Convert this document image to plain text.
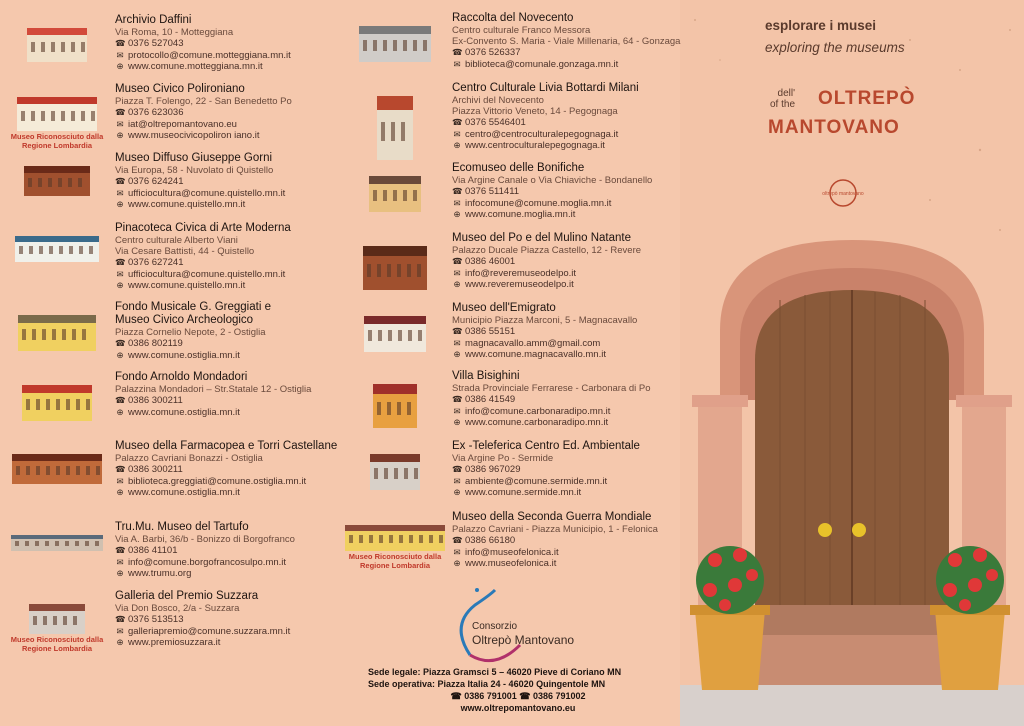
oltrepò mantovano
esplorare i musei
exploring the museums
dell'
of the OLTREPÒ
MANTOVANO
Archivio Daffini
Via Roma, 10 - Motteggiana
☎ 0376 527043
✉ protocollo@comune.motteggiana.mn.it
⊕ www.comune.motteggiana.mn.it
Museo Riconosciuto dalla Regione Lombardia
Museo Civico Polironiano
Piazza T. Folengo, 22 - San Benedetto Po
☎ 0376 623036
✉ iat@oltrepomantovano.eu
⊕ www.museocivicopoliron iano.it
Museo Diffuso Giuseppe Gorni
Via Europa, 58 - Nuvolato di Quistello
☎ 0376 624241
✉ ufficiocultura@comune.quistello.mn.it
⊕ www.comune.quistello.mn.it
Pinacoteca Civica di Arte Moderna
Centro culturale Alberto Viani
Via Cesare Battisti, 44 - Quistello
☎ 0376 627241
✉ ufficiocultura@comune.quistello.mn.it
⊕ www.comune.quistello.mn.it
Fondo Musicale G. Greggiati e
Museo Civico Archeologico
Piazza Cornelio Nepote, 2 - Ostiglia
☎ 0386 802119
⊕ www.comune.ostiglia.mn.it
Fondo Arnoldo Mondadori
Palazzina Mondadori – Str.Statale 12 - Ostiglia
☎ 0386 300211
⊕ www.comune.ostiglia.mn.it
Museo della Farmacopea e Torri Castellane
Palazzo Cavriani Bonazzi - Ostiglia
☎ 0386 300211
✉ biblioteca.greggiati@comune.ostiglia.mn.it
⊕ www.comune.ostiglia.mn.it
Tru.Mu. Museo del Tartufo
Via A. Barbi, 36/b - Bonizzo di Borgofranco
☎ 0386 41101
✉ info@comune.borgofrancosulpo.mn.it
⊕ www.trumu.org
Museo Riconosciuto dalla Regione Lombardia
Galleria del Premio Suzzara
Via Don Bosco, 2/a - Suzzara
☎ 0376 513513
✉ galleriapremio@comune.suzzara.mn.it
⊕ www.premiosuzzara.it
Raccolta del Novecento
Centro culturale Franco Messora
Ex-Convento S. Maria - Viale Millenaria, 64 - Gonzaga
☎ 0376 526337
✉ biblioteca@comunale.gonzaga.mn.it
Centro Culturale Livia Bottardi Milani
Archivi del Novecento
Piazza Vittorio Veneto, 14 - Pegognaga
☎ 0376 5546401
✉ centro@centroculturalepegognaga.it
⊕ www.centroculturalepegognaga.it
Ecomuseo delle Bonifiche
Via Argine Canale o Via Chiaviche - Bondanello
☎ 0376 511411
✉ infocomune@comune.moglia.mn.it
⊕ www.comune.moglia.mn.it
Museo del Po e del Mulino Natante
Palazzo Ducale Piazza Castello, 12 - Revere
☎ 0386 46001
✉ info@reveremuseodelpo.it
⊕ www.reveremuseodelpo.it
Museo dell'Emigrato
Municipio Piazza Marconi, 5 - Magnacavallo
☎ 0386 55151
✉ magnacavallo.amm@gmail.com
⊕ www.comune.magnacavallo.mn.it
Villa Bisighini
Strada Provinciale Ferrarese - Carbonara di Po
☎ 0386 41549
✉ info@comune.carbonaradipo.mn.it
⊕ www.comune.carbonaradipo.mn.it
Ex -Teleferica Centro Ed. Ambientale
Via Argine Po - Sermide
☎ 0386 967029
✉ ambiente@comune.sermide.mn.it
⊕ www.comune.sermide.mn.it
Museo Riconosciuto dalla Regione Lombardia
Museo della Seconda Guerra Mondiale
Palazzo Cavriani - Piazza Municipio, 1 - Felonica
☎ 0386 66180
✉ info@museofelonica.it
⊕ www.museofelonica.it
Consorzio
Oltrepò Mantovano
Sede legale: Piazza Gramsci 5 – 46020 Pieve di Coriano MN
Sede operativa: Piazza Italia 24 - 46020 Quingentole MN
☎ 0386 791001 ☎ 0386 791002
www.oltrepomantovano.eu
